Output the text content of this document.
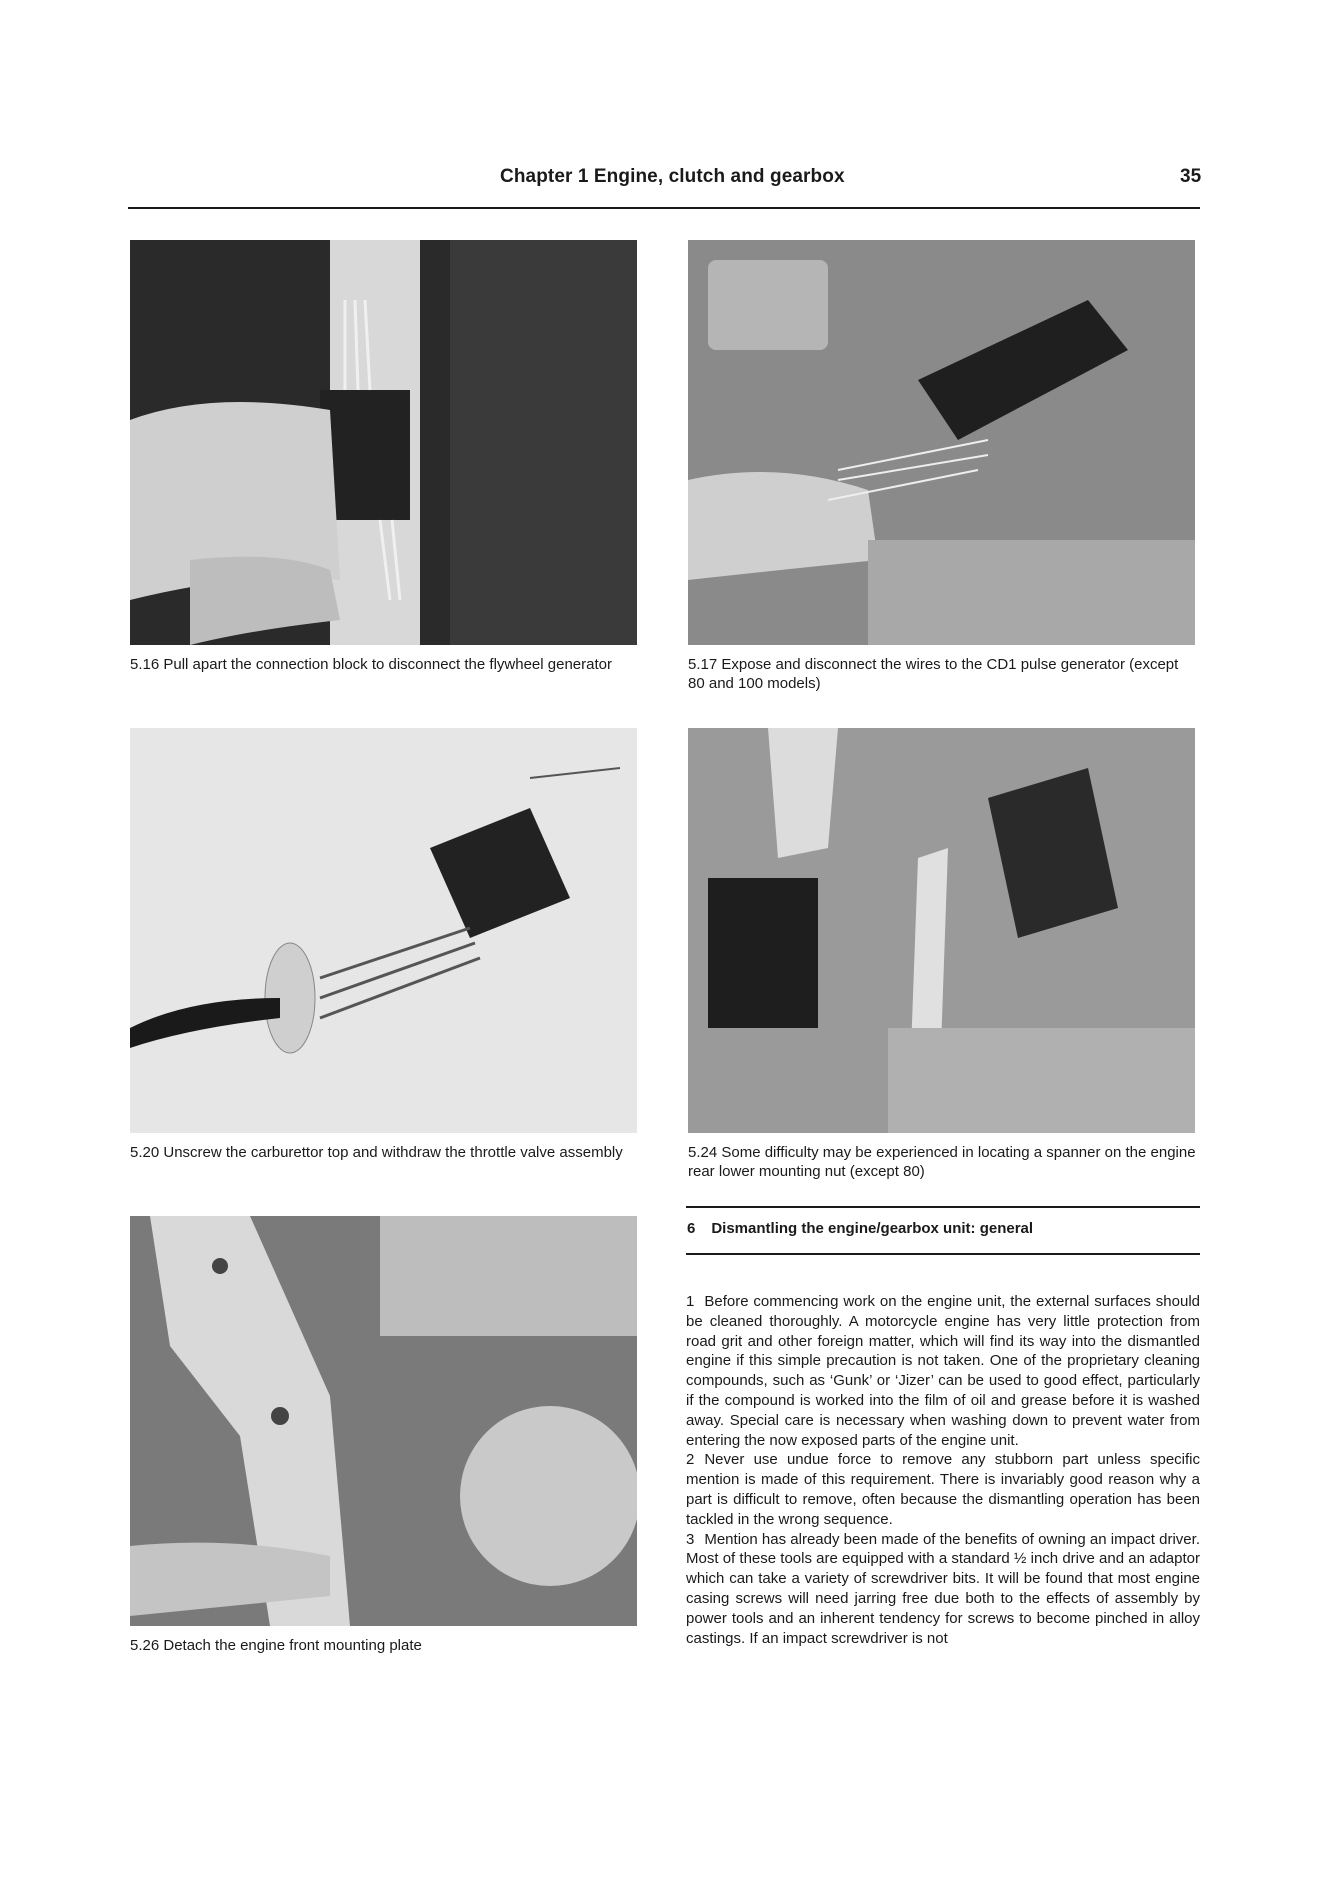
Chapter 1 Engine, clutch and gearbox	35
5.16 Pull apart the connection block to disconnect the flywheel generator	5.17 Expose and disconnect the wires to the CD1 pulse generator (except 80 and 100 models)
5.20 Unscrew the carburettor top and withdraw the throttle valve assembly	5.24 Some difficulty may be experienced in locating a spanner on the engine rear lower mounting nut (except 80)
5.26 Detach the engine front mounting plate
6 Dismantling the engine/gearbox unit: general

1 Before commencing work on the engine unit, the external surfaces should be cleaned thoroughly. A motorcycle engine has very little protection from road grit and other foreign matter, which will find its way into the dismantled engine if this simple precaution is not taken. One of the proprietary cleaning compounds, such as ‘Gunk’ or ‘Jizer’ can be used to good effect, particularly if the compound is worked into the film of oil and grease before it is washed away. Special care is necessary when washing down to prevent water from entering the now exposed parts of the engine unit.

2 Never use undue force to remove any stubborn part unless specific mention is made of this requirement. There is invariably good reason why a part is difficult to remove, often because the dismantling operation has been tackled in the wrong sequence.

3 Mention has already been made of the benefits of owning an impact driver. Most of these tools are equipped with a standard ½ inch drive and an adaptor which can take a variety of screwdriver bits. It will be found that most engine casing screws will need jarring free due both to the effects of assembly by power tools and an inherent tendency for screws to become pinched in alloy castings. If an impact screwdriver is not
